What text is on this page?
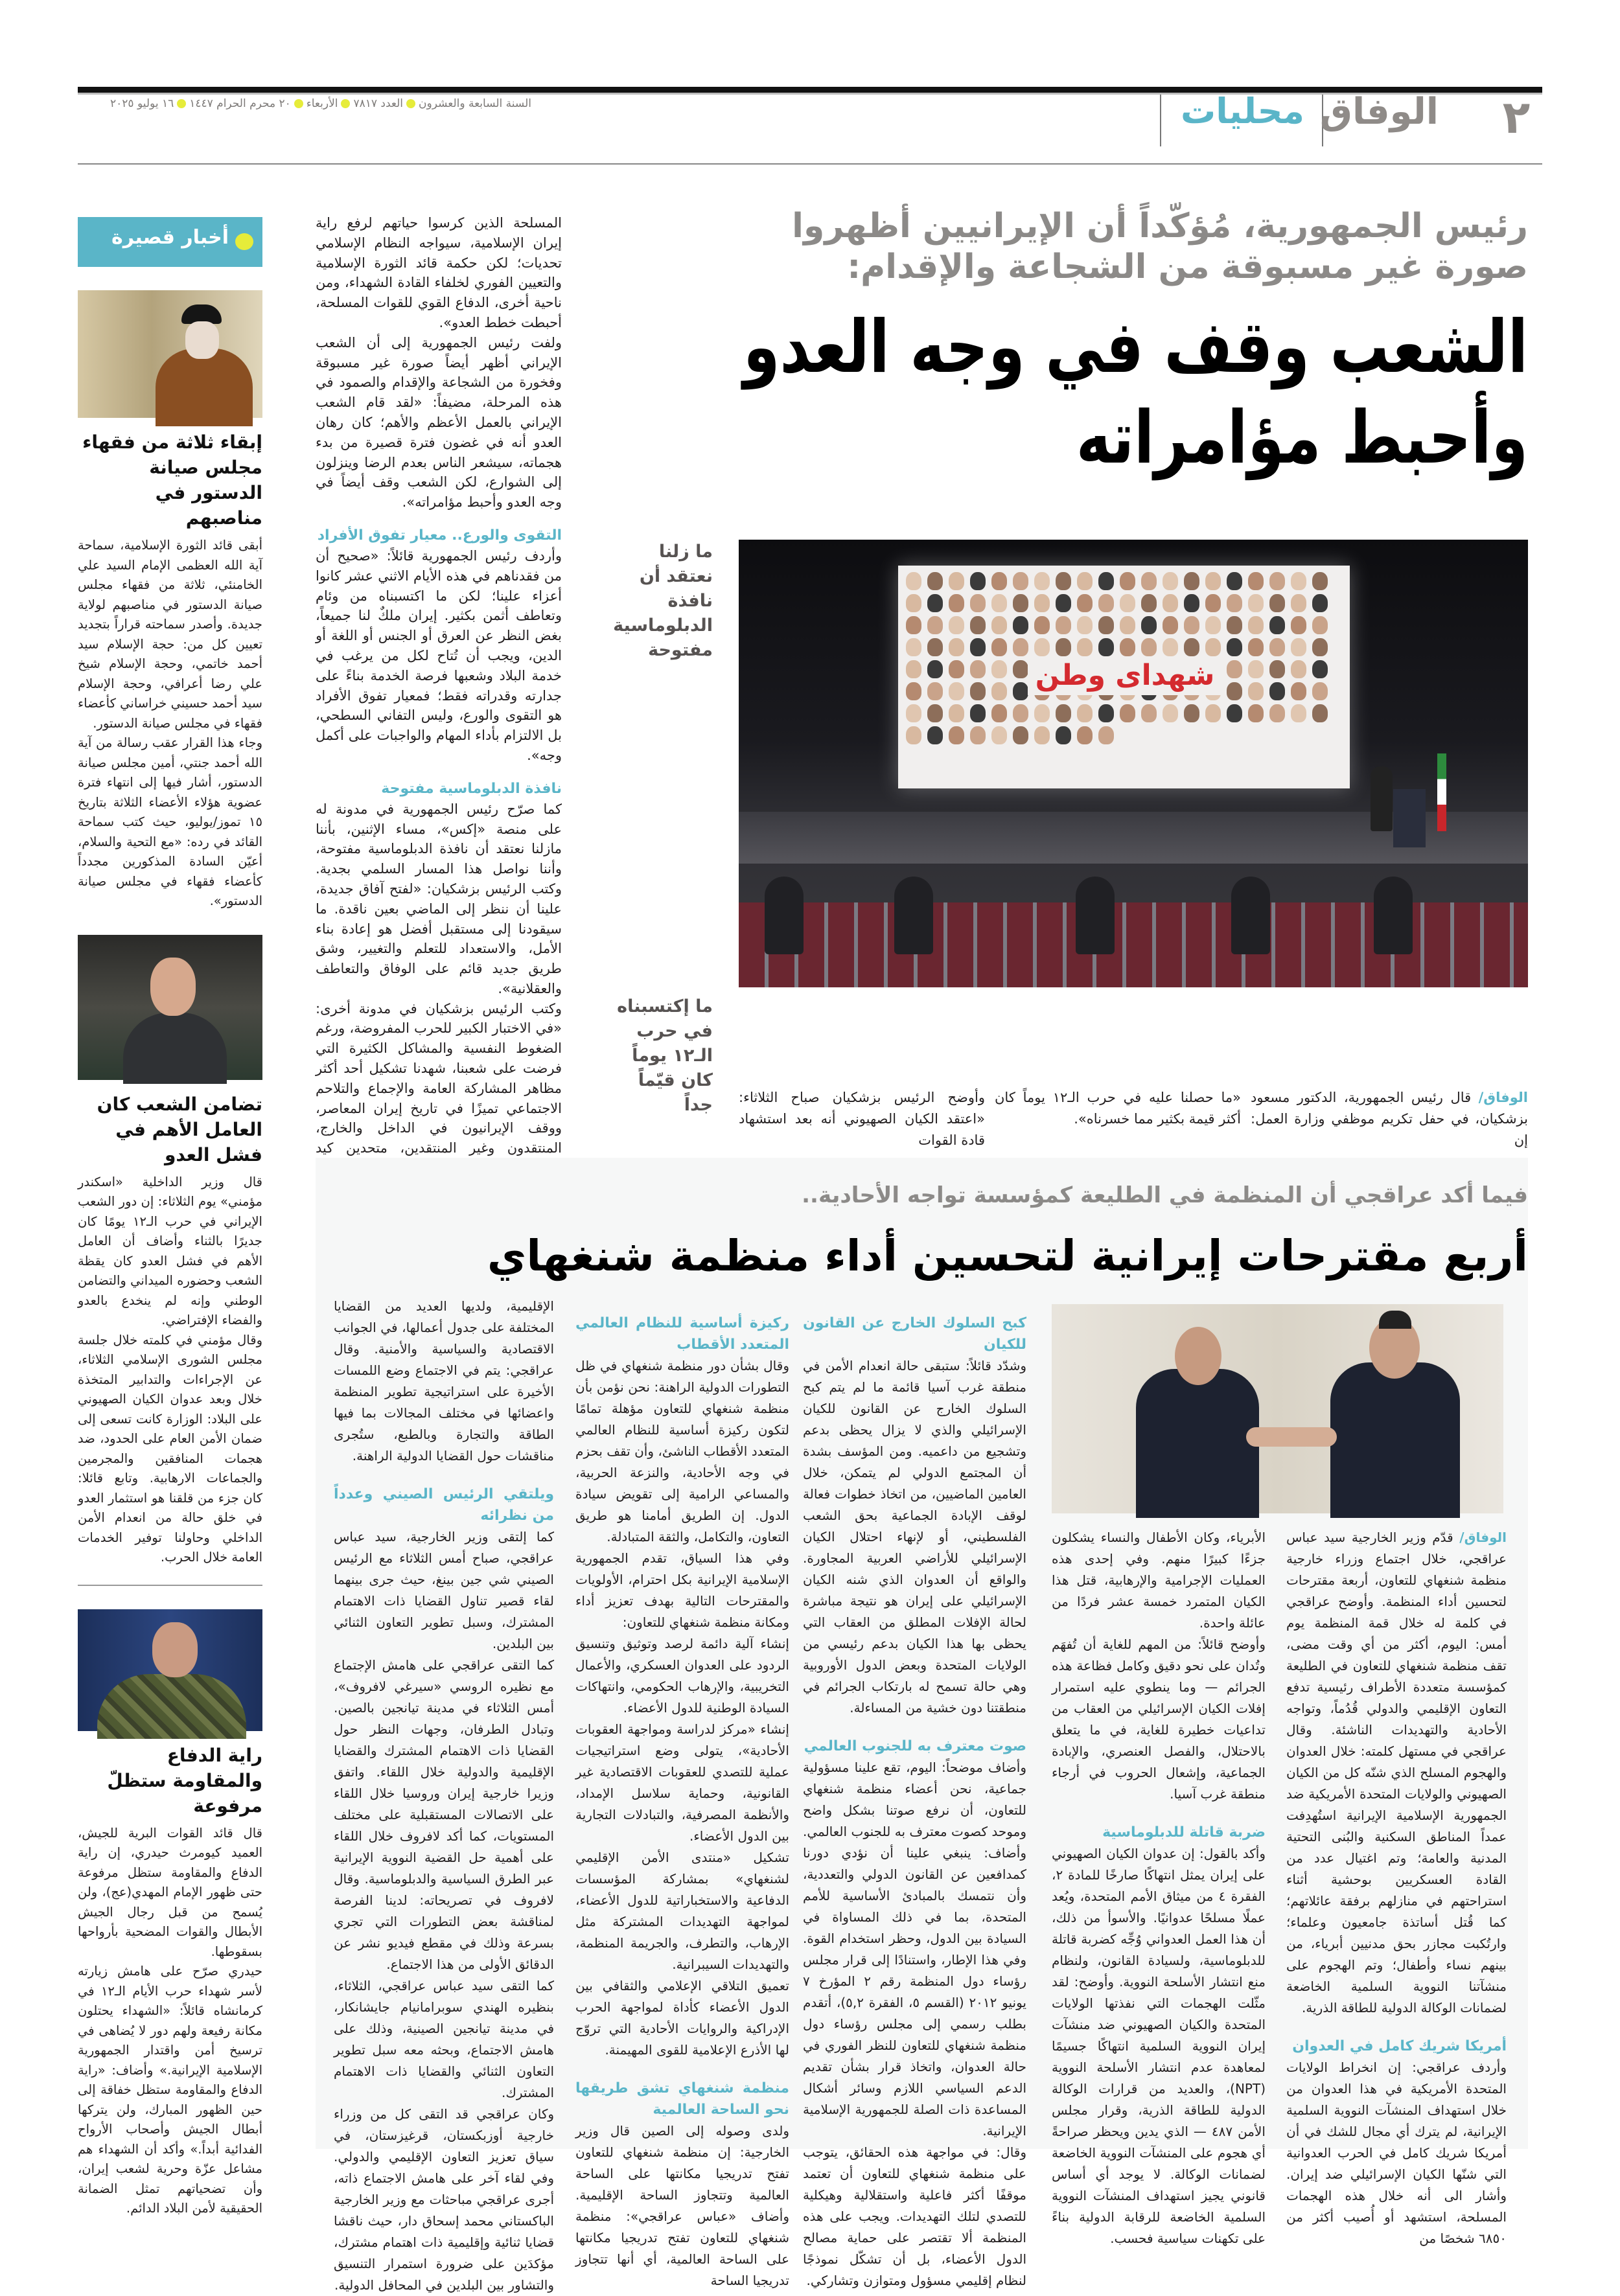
٢
الوفاق
محليات
السنة السابعة والعشرونالعدد ٧٨١٧الأربعاء٢٠ محرم الحرام ١٤٤٧١٦ يوليو ٢٠٢٥
أخبار قصيرة
إبقاء ثلاثة من فقهاء مجلس صيانة الدستور في مناصبهم

أبقى قائد الثورة الإسلامية، سماحة آية الله العظمى الإمام السيد علي الخامنئي، ثلاثة من فقهاء مجلس صيانة الدستور في مناصبهم لولاية جديدة. وأصدر سماحته قراراً بتجديد تعيين كل من: حجة الإسلام سيد أحمد خاتمي، وحجة الإسلام شيخ علي رضا أعرافي، وحجة الإسلام سيد أحمد حسيني خراساني كأعضاء فقهاء في مجلس صيانة الدستور.

وجاء هذا القرار عقب رسالة من آية الله أحمد جنتي، أمين مجلس صيانة الدستور، أشار فيها إلى انتهاء فترة عضوية هؤلاء الأعضاء الثلاثة بتاريخ ١٥ تموز/يوليو، حيث كتب سماحة القائد في رده: «مع التحية والسلام، أعيّن السادة المذكورين مجدداً كأعضاء فقهاء في مجلس صيانة الدستور».

تضامن الشعب كان العامل الأهم في فشل العدو

قال وزير الداخلية «اسكندر مؤمني» يوم الثلاثاء: إن دور الشعب الإيراني في حرب الـ١٢ يومًا كان جديرًا بالثناء وأضاف أن العامل الأهم في فشل العدو كان يقظة الشعب وحضوره الميداني والتضامن الوطني وإنه لم ينخدع بالعدو والفضاء الإفتراضي.

وقال مؤمني في كلمته خلال جلسة مجلس الشورى الإسلامي الثلاثاء، عن الإجراءات والتدابير المتخذة خلال وبعد عدوان الكيان الصهيوني على البلاد: الوزارة كانت تسعى إلى ضمان الأمن العام على الحدود، ضد هجمات المنافقين والمجرمين والجماعات الارهابية. وتابع قائلا: كان جزء من قلقنا هو استثمار العدو في خلق حالة من انعدام الأمن الداخلي وحاولنا توفير الخدمات العامة خلال الحرب.

راية الدفاع والمقاومة ستظلّ مرفوعة

قال قائد القوات البرية للجيش، العميد كيومرث حيدري، إن راية الدفاع والمقاومة ستظل مرفوعة حتى ظهور الإمام المهدي(عج)، ولن يُسمح من قبل رجال الجيش الأبطال والقوات المضحية بأرواحها بسقوطها.

حيدري صرّح على هامش زيارته لأسر شهداء حرب الأيام الـ١٢ في كرمانشاه قائلاً: «الشهداء يحتلون مكانة رفيعة ولهم دور لا يُضاهى في ترسيخ أمن واقتدار الجمهورية الإسلامية الإيرانية.» وأضاف: «راية الدفاع والمقاومة ستظل خفاقة إلى حين الظهور المبارك، ولن يتركها أبطال الجيش وأصحاب الأرواح الفدائية أبداً.» وأكد أن الشهداء هم مشاعل عزّة وحرية لشعب إيران، وأن تضحياتهم تمثل الضمانة الحقيقية لأمن البلاد الدائم.

رئيس الجمهورية، مُؤكّداً أن الإيرانيين أظهروا صورة غير مسبوقة من الشجاعة والإقدام:
الشعب وقف في وجه العدو وأحبط مؤامراته
شهدای وطن
ما زلنا نعتقد أن نافذة الدبلوماسية مفتوحة
ما إكتسبناه في حرب الـ١٢ يوماً كان قيّماً جداً	الوفاق/ قال رئيس الجمهورية، الدكتور مسعود بزشكيان، في حفل تكريم موظفي وزارة العمل: إن
«ما حصلنا عليه في حرب الـ١٢ يوماً كان أكثر قيمة بكثير مما خسرناه».
وأوضح الرئيس بزشكيان صباح الثلاثاء: «اعتقد الكيان الصهيوني أنه بعد استشهاد قادة القوات

المسلحة الذين كرسوا حياتهم لرفع راية إيران الإسلامية، سيواجه النظام الإسلامي تحديات؛ لكن حكمة قائد الثورة الإسلامية والتعيين الفوري لخلفاء القادة الشهداء، ومن ناحية أخرى، الدفاع القوي للقوات المسلحة، أحبطت خطط العدو».

ولفت رئيس الجمهورية إلى أن الشعب الإيراني أظهر أيضاً صورة غير مسبوقة وفخورة من الشجاعة والإقدام والصمود في هذه المرحلة، مضيفاً: «لقد قام الشعب الإيراني بالعمل الأعظم والأهم؛ كان رهان العدو أنه في غضون فترة قصيرة من بدء هجماته، سيشعر الناس بعدم الرضا وينزلون إلى الشوارع، لكن الشعب وقف أيضاً في وجه العدو وأحبط مؤامراته».

التقوى والورع.. معيار تفوق الأفراد

وأردف رئيس الجمهورية قائلاً: «صحيح أن من فقدناهم في هذه الأيام الاثني عشر كانوا أعزاء علينا؛ لكن ما اكتسبناه من وئام وتعاطف أثمن بكثير. إيران ملكٌ لنا جميعاً، بغض النظر عن العرق أو الجنس أو اللغة أو الدين، ويجب أن تُتاح لكل من يرغب في خدمة البلاد وشعبها فرصة الخدمة بناءً على جدارته وقدراته فقط؛ فمعيار تفوق الأفراد هو التقوى والورع، وليس التفاني السطحي، بل الالتزام بأداء المهام والواجبات على أكمل وجه».

نافذة الدبلوماسية مفتوحة

كما صرّح رئيس الجمهورية في مدونة له على منصة «إكس»، مساء الإثنين، بأننا مازلنا نعتقد أن نافذة الدبلوماسية مفتوحة، وأننا نواصل هذا المسار السلمي بجدية. وكتب الرئيس بزشكيان: «لفتح آفاق جديدة، علينا أن ننظر إلى الماضي بعين ناقدة. ما سيقودنا إلى مستقبل أفضل هو إعادة بناء الأمل، والاستعداد للتعلم والتغيير، وشق طريق جديد قائم على الوفاق والتعاطف والعقلانية».

وكتب الرئيس بزشكيان في مدونة أخرى: «في الاختبار الكبير للحرب المفروضة، ورغم الضغوط النفسية والمشاكل الكثيرة التي فرضت على شعبنا، شهدنا تشكيل أحد أكثر مظاهر المشاركة العامة والإجماع والتلاحم الاجتماعي تميزًا في تاريخ إيران المعاصر، ووقف الإيرانيون في الداخل والخارج، المنتقدون وغير المنتقدين، متحدين كيد

فيما أكد عراقجي أن المنظمة في الطليعة كمؤسسة تواجه الأحادية..
أربع مقترحات إيرانية لتحسين أداء منظمة شنغهاي

الوفاق/ قدّم وزير الخارجية سيد عباس عراقجي، خلال اجتماع وزراء خارجية منظمة شنغهاي للتعاون، أربعة مقترحات لتحسين أداء المنظمة. وأوضح عراقجي في كلمة له خلال قمة المنظمة يوم أمس: اليوم، أكثر من أي وقت مضى، تقف منظمة شنغهاي للتعاون في الطليعة كمؤسسة متعددة الأطراف رئيسية تدفع التعاون الإقليمي والدولي قُدُماً، وتواجه الأحادية والتهديدات الناشئة. وقال عراقجي في مستهل كلمته: خلال العدوان والهجوم المسلح الذي شنّه كل من الكيان الصهيوني والولايات المتحدة الأمريكية ضد الجمهورية الإسلامية الإيرانية استُهدِفت عمداً المناطق السكنية والبُنى التحتية المدنية والعامة؛ وتم اغتيال عدد من القادة العسكريين بوحشية أثناء استراحتهم في منازلهم برفقة عائلاتهم؛ كما قُتل أساتذة جامعيون وعلماء؛ وارتُكبت مجازر بحق مدنيين أبرياء، من بينهم نساء وأطفال؛ وتم الهجوم على منشآتنا النووية السلمية الخاضعة لضمانات الوكالة الدولية للطاقة الذرية.

أمريكا شريك كامل في العدوان

وأردف عراقجي: إن انخراط الولايات المتحدة الأمريكية في هذا العدوان من خلال استهداف المنشآت النووية السلمية الإيرانية، لم يترك أي مجال للشك في أن أمريكا شريك كامل في الحرب العدوانية التي شنّها الكيان الإسرائيلي ضد إيران. وأشار الى أنه خلال هذه الهجمات المسلحة، استشهد أو أُصيب أكثر من ٦٨٥٠ شخصًا من

الأبرياء، وكان الأطفال والنساء يشكلون جزءًا كبيرًا منهم. وفي إحدى هذه العمليات الإجرامية والإرهابية، قتل هذا الكيان المتمرد خمسة عشر فردًا من عائلة واحدة.

وأوضح قائلاً: من المهم للغاية أن تُفهَم وتُدان على نحو دقيق وكامل فظاعة هذه الجرائم — وما ينطوي عليه استمرار إفلات الكيان الإسرائيلي من العقاب من تداعيات خطيرة للغاية، في ما يتعلق بالاحتلال، والفصل العنصري، والإبادة الجماعية، وإشعال الحروب في أرجاء منطقة غرب آسيا.

ضربة قاتلة للدبلوماسية

وأكد بالقول: إن عدوان الكيان الصهيوني على إيران يمثل انتهاكًا صارخًا للمادة ٢، الفقرة ٤ من ميثاق الأمم المتحدة، ويُعد عملًا مسلحًا عدوانيًا. والأسوأ من ذلك، أن هذا العمل العدواني وُجِّه كضربة قاتلة للدبلوماسية، ولسيادة القانون، ولنظام منع انتشار الأسلحة النووية. وأوضح: لقد مثّلت الهجمات التي نفذتها الولايات المتحدة والكيان الصهيوني ضد منشآت إيران النووية السلمية انتهاكًا جسيمًا لمعاهدة عدم انتشار الأسلحة النووية (NPT)، والعديد من قرارات الوكالة الدولية للطاقة الذرية، وقرار مجلس الأمن ٤٨٧ — الذي يدين ويحظر صراحةً أي هجوم على المنشآت النووية الخاضعة لضمانات الوكالة. لا يوجد أي أساس قانوني يجيز استهداف المنشآت النووية السلمية الخاضعة للرقابة الدولية بناءً على تكهنات سياسية فحسب.

كبح السلوك الخارج عن القانون للكيان

وشدّد قائلاً: ستبقى حالة انعدام الأمن في منطقة غرب آسيا قائمة ما لم يتم كبح السلوك الخارج عن القانون للكيان الإسرائيلي والذي لا يزال يحظى بدعم وتشجيع من داعميه. ومن المؤسف بشدة أن المجتمع الدولي لم يتمكن، خلال العامين الماضيين، من اتخاذ خطوات فعالة لوقف الإبادة الجماعية بحق الشعب الفلسطيني، أو لإنهاء احتلال الكيان الإسرائيلي للأراضي العربية المجاورة. والواقع أن العدوان الذي شنه الكيان الإسرائيلي على إيران هو نتيجة مباشرة لحالة الإفلات المطلق من العقاب التي يحظى بها هذا الكيان بدعم رئيسي من الولايات المتحدة وبعض الدول الأوروبية وهي حالة تسمح له بارتكاب الجرائم في منطقتنا دون خشية من المساءلة.

صوت معترف به للجنوب العالمي

وأضاف موضحاً: اليوم، تقع علينا مسؤولية جماعية، نحن أعضاء منظمة شنغهاي للتعاون، أن نرفع صوتنا بشكل واضح وموحد كصوت معترف به للجنوب العالمي. وأضاف: ينبغي علينا أن نؤدي دورنا كمدافعين عن القانون الدولي والتعددية، وأن نتمسك بالمبادئ الأساسية للأمم المتحدة، بما في ذلك المساواة في السيادة بين الدول، وحظر استخدام القوة. وفي هذا الإطار، واستنادًا إلى قرار مجلس رؤساء دول المنظمة رقم ٢ المؤرخ ٧ يونيو ٢٠١٢ (القسم ٥، الفقرة ٥,٢)، أتقدم بطلب رسمي إلى مجلس رؤساء دول منظمة شنغهاي للتعاون للنظر الفوري في حالة العدوان، واتخاذ قرار بشأن تقديم الدعم السياسي اللازم وسائر أشكال المساعدة ذات الصلة للجمهورية الإسلامية الإيرانية.

وقال: في مواجهة هذه الحقائق، يتوجب على منظمة شنغهاي للتعاون أن تعتمد موقفًا أكثر فاعلية واستقلالية وهيكلية للتصدي لتلك التهديدات. ويجب على هذه المنظمة ألا تقتصر على حماية مصالح الدول الأعضاء، بل أن تشكّل نموذجًا لنظام إقليمي مسؤول ومتوازن وتشاركي.

ركيزة أساسية للنظام العالمي المتعدد الأقطاب

وقال بشأن دور منظمة شنغهاي في ظل التطورات الدولية الراهنة: نحن نؤمن بأن منظمة شنغهاي للتعاون مؤهلة تمامًا لتكون ركيزة أساسية للنظام العالمي المتعدد الأقطاب الناشئ، وأن تقف بحزم في وجه الأحادية، والنزعة الحربية، والمساعي الرامية إلى تقويض سيادة الدول. إن الطريق أمامنا هو طريق التعاون، والتكامل، والثقة المتبادلة.

وفي هذا السياق، تقدم الجمهورية الإسلامية الإيرانية بكل احترام، الأولويات والمقترحات التالية بهدف تعزيز أداء ومكانة منظمة شنغهاي للتعاون:

إنشاء آلية دائمة لرصد وتوثيق وتنسيق الردود على العدوان العسكري، والأعمال التخريبية، والإرهاب الحكومي، وانتهاكات السيادة الوطنية للدول الأعضاء.

إنشاء «مركز لدراسة ومواجهة العقوبات الأحادية»، يتولى وضع استراتيجيات عملية للتصدي للعقوبات الاقتصادية غير القانونية، وحماية سلاسل الإمداد، والأنظمة المصرفية، والتبادلات التجارية بين الدول الأعضاء.

تشكيل «منتدى الأمن الإقليمي لشنغهاي» بمشاركة المؤسسات الدفاعية والاستخباراتية للدول الأعضاء، لمواجهة التهديدات المشتركة مثل الإرهاب، والتطرف، والجريمة المنظمة، والتهديدات السيبرانية.

تعميق التلاقي الإعلامي والثقافي بين الدول الأعضاء كأداة لمواجهة الحرب الإدراكية والروايات الأحادية التي تروّج لها الأذرع الإعلامية للقوى المهيمنة.

منظمة شنغهاي تشق طريقها نحو الساحة العالمية

ولدى وصوله إلى الصين قال وزير الخارجية: إن منظمة شنغهاي للتعاون تفتح تدريجيا مكانتها على الساحة العالمية وتتجاوز الساحة الإقليمية. وأضاف «عباس عراقجي»: منظمة شنغهاي للتعاون تفتح تدريجيا مكانتها على الساحة العالمية، أي أنها تتجاوز تدريجيا الساحة

الإقليمية، ولديها العديد من القضايا المختلفة على جدول أعمالها، في الجوانب الاقتصادية والسياسية والأمنية. وقال عراقجي: يتم في الاجتماع وضع اللمسات الأخيرة على استراتيجية تطوير المنظمة واعضائها في مختلف المجالات بما فيها الطاقة والتجارة وبالطبع، ستُجرى مناقشات حول القضايا الدولية الراهنة.

ويلتقي الرئيس الصيني وعدداً من نظرائه

كما إلتقى وزير الخارجية، سيد عباس عراقجي، صباح أمس الثلاثاء مع الرئيس الصيني شي جين بينغ، حيث جرى بينهما لقاء قصير تناول القضايا ذات الاهتمام المشترك، وسبل تطوير التعاون الثنائي بين البلدين.

كما التقى عراقجي على هامش الإجتماع مع نظيره الروسي «سيرغي لافروف»، أمس الثلاثاء في مدينة تيانجين بالصين. وتبادل الطرفان، وجهات النظر حول القضايا ذات الاهتمام المشترك والقضايا الإقليمية والدولية خلال اللقاء. واتفق وزيرا خارجية إيران وروسيا خلال اللقاء على الاتصالات المستقبلية على مختلف المستويات، كما أكد لافروف خلال اللقاء على أهمية حل القضية النووية الإيرانية عبر الطرق السياسية والدبلوماسية. وقال لافروف في تصريحاته: لدينا الفرصة لمناقشة بعض التطورات التي تجري بسرعة وذلك في مقطع فيديو نشر عن الدقائق الأولى من هذا الاجتماع.

كما التقى سيد عباس عراقجي، الثلاثاء، بنظيره الهندي سوبرامانيام جايشانكار، في مدينة تيانجين الصينية، وذلك على هامش الاجتماع، وبحثه معه سبل تطوير التعاون الثنائي والقضايا ذات الاهتمام المشترك.

وكان عراقجي قد التقى كل من وزراء خارجية أوزبكستان، قرغيزستان، في سياق تعزيز التعاون الإقليمي والدولي. وفي لقاء آخر على هامش الاجتماع ذاته، أجرى عراقجي مباحثات مع وزير الخارجية الباكستاني محمد إسحاق دار، حيث ناقشا قضايا ثنائية وإقليمية ذات اهتمام مشترك، مؤكدَين على ضرورة استمرار التنسيق والتشاور بين البلدين في المحافل الدولية.
